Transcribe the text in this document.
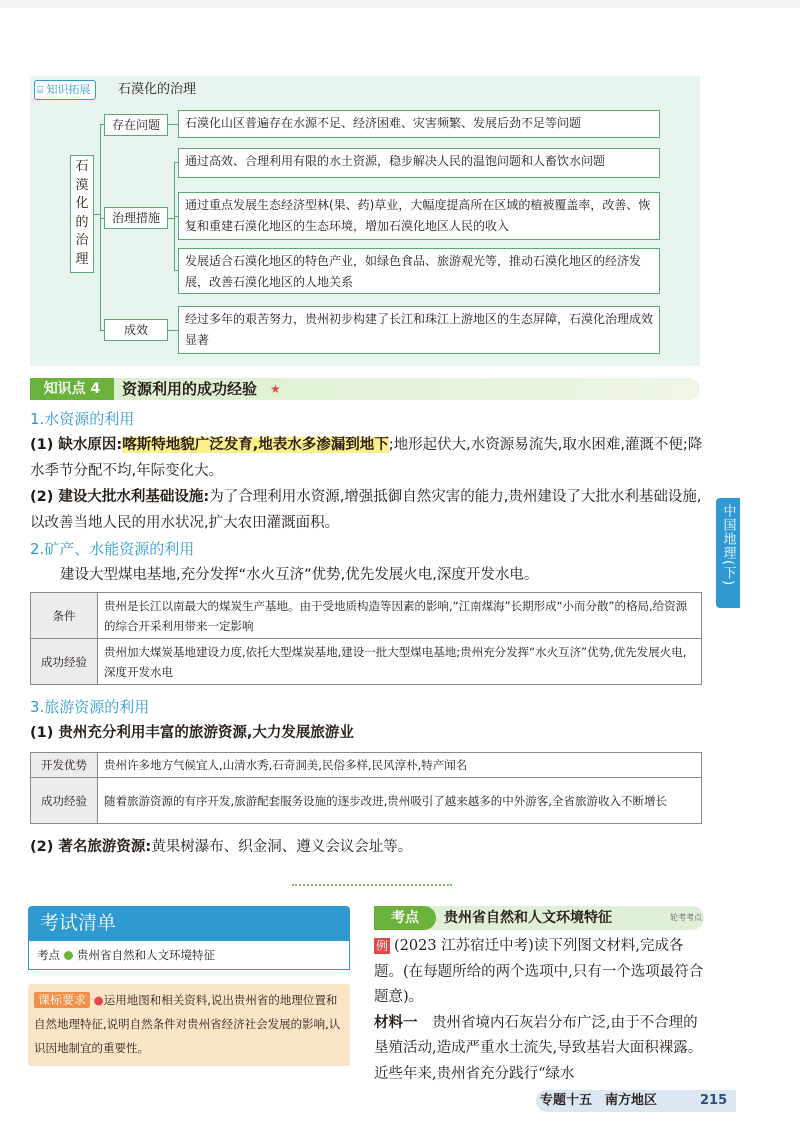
中国地理(下)
⌸ 知识拓展	石漠化的治理
石漠化的治理
存在问题
治理措施
成效
石漠化山区普遍存在水源不足、经济困难、灾害频繁、发展后劲不足等问题
通过高效、合理利用有限的水土资源，稳步解决人民的温饱问题和人畜饮水问题
通过重点发展生态经济型林(果、药)草业，大幅度提高所在区域的植被覆盖率，改善、恢复和重建石漠化地区的生态环境，增加石漠化地区人民的收入
发展适合石漠化地区的特色产业，如绿色食品、旅游观光等，推动石漠化地区的经济发展，改善石漠化地区的人地关系
经过多年的艰苦努力，贵州初步构建了长江和珠江上游地区的生态屏障，石漠化治理成效显著
知识点 4	资源利用的成功经验 ★
1.水资源的利用
(1) 缺水原因:喀斯特地貌广泛发育,地表水多渗漏到地下;地形起伏大,水资源易流失,取水困难,灌溉不便;降水季节分配不均,年际变化大。
(2) 建设大批水利基础设施:为了合理利用水资源,增强抵御自然灾害的能力,贵州建设了大批水利基础设施,以改善当地人民的用水状况,扩大农田灌溉面积。
2.矿产、水能资源的利用
建设大型煤电基地,充分发挥“水火互济”优势,优先发展火电,深度开发水电。
条件	贵州是长江以南最大的煤炭生产基地。由于受地质构造等因素的影响,“江南煤海”长期形成“小而分散”的格局,给资源的综合开采利用带来一定影响
成功经验	贵州加大煤炭基地建设力度,依托大型煤炭基地,建设一批大型煤电基地;贵州充分发挥“水火互济”优势,优先发展火电,深度开发水电
3.旅游资源的利用
(1) 贵州充分利用丰富的旅游资源,大力发展旅游业
开发优势	贵州许多地方气候宜人,山清水秀,石奇洞美,民俗多样,民风淳朴,特产闻名
成功经验	随着旅游资源的有序开发,旅游配套服务设施的逐步改进,贵州吸引了越来越多的中外游客,全省旅游收入不断增长
(2) 著名旅游资源:黄果树瀑布、织金洞、遵义会议会址等。
考试清单
考点 贵州省自然和人文环境特征
课标要求 ●运用地图和相关资料,说出贵州省的地理位置和自然地理特征,说明自然条件对贵州省经济社会发展的影响,认识因地制宜的重要性。
考点	贵州省自然和人文环境特征	轮考考点
例 (2023 江苏宿迁中考)读下列图文材料,完成各题。(在每题所给的两个选项中,只有一个选项最符合题意)。
材料一　 贵州省境内石灰岩分布广泛,由于不合理的垦殖活动,造成严重水土流失,导致基岩大面积裸露。近些年来,贵州省充分践行“绿水
专题十五　南方地区	215
